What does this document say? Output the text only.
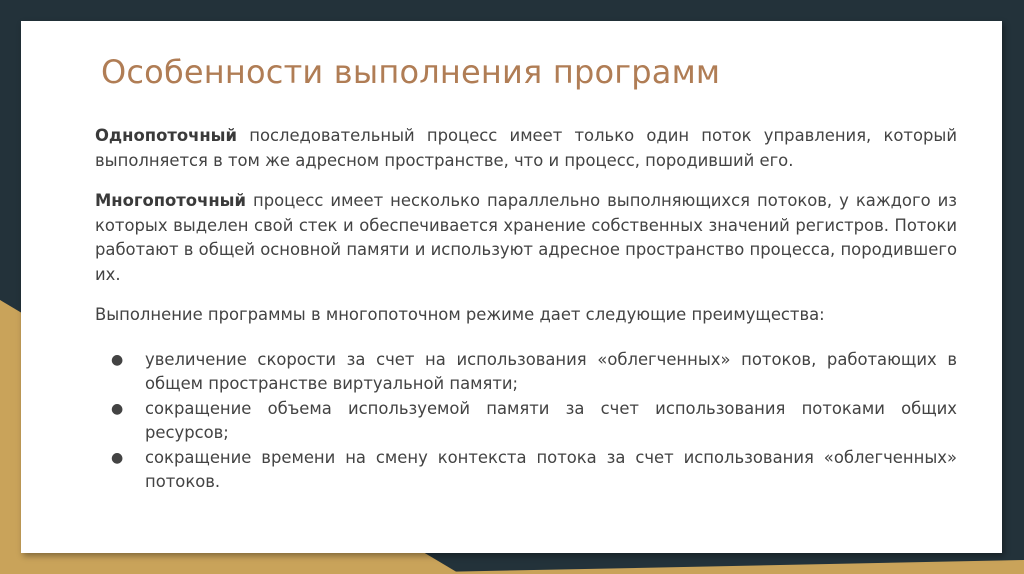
Особенности выполнения программ

Однопоточный последовательный процесс имеет только один поток управления, который выполняется в том же адресном пространстве, что и процесс, породивший его.

Многопоточный процесс имеет несколько параллельно выполняющихся потоков, у каждого из которых выделен свой стек и обеспечивается хранение собственных значений регистров. Потоки работают в общей основной памяти и используют адресное пространство процесса, породившего их.

Выполнение программы в многопоточном режиме дает следующие преимущества:

● увеличение скорости за счет на использования «облегченных» потоков, работающих в общем пространстве виртуальной памяти;
● сокращение объема используемой памяти за счет использования потоками общих ресурсов;
● сокращение времени на смену контекста потока за счет использования «облегченных» потоков.
